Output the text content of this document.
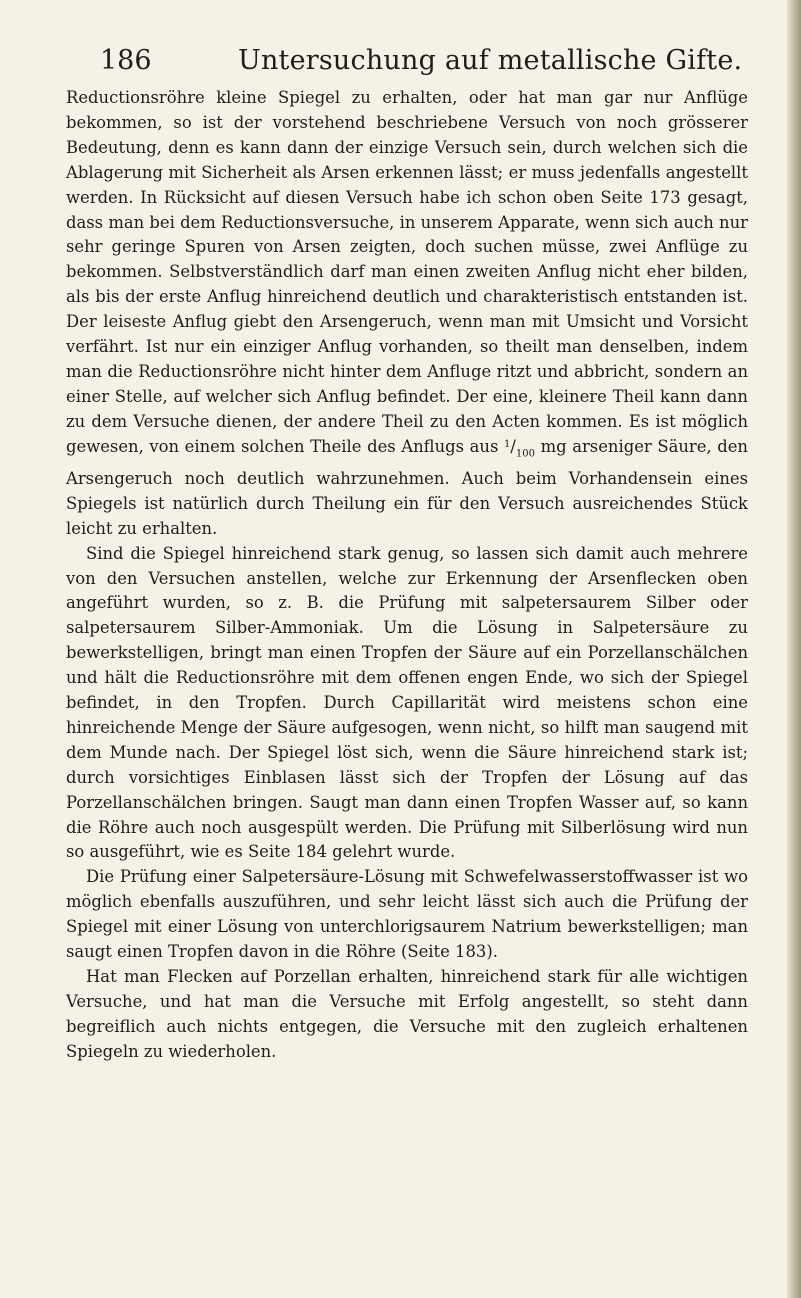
186	Untersuchung auf metallische Gifte.

Reductionsröhre kleine Spiegel zu erhalten, oder hat man gar nur Anflüge bekommen, so ist der vorstehend beschriebene Versuch von noch grösserer Bedeutung, denn es kann dann der einzige Versuch sein, durch welchen sich die Ablagerung mit Sicherheit als Arsen erkennen lässt; er muss jedenfalls angestellt werden. In Rücksicht auf diesen Versuch habe ich schon oben Seite 173 gesagt, dass man bei dem Reductionsversuche, in unserem Apparate, wenn sich auch nur sehr geringe Spuren von Arsen zeigten, doch suchen müsse, zwei Anflüge zu bekommen. Selbstverständlich darf man einen zweiten Anflug nicht eher bilden, als bis der erste Anflug hinreichend deutlich und charakteristisch entstanden ist. Der leiseste Anflug giebt den Arsengeruch, wenn man mit Umsicht und Vorsicht verfährt. Ist nur ein einziger Anflug vorhanden, so theilt man denselben, indem man die Reductionsröhre nicht hinter dem Anfluge ritzt und abbricht, sondern an einer Stelle, auf welcher sich Anflug befindet. Der eine, kleinere Theil kann dann zu dem Versuche dienen, der andere Theil zu den Acten kommen. Es ist möglich gewesen, von einem solchen Theile des Anflugs aus $^1/_{100}$ mg arseniger Säure, den Arsengeruch noch deutlich wahrzunehmen. Auch beim Vorhandensein eines Spiegels ist natürlich durch Theilung ein für den Versuch ausreichendes Stück leicht zu erhalten.

Sind die Spiegel hinreichend stark genug, so lassen sich damit auch mehrere von den Versuchen anstellen, welche zur Erkennung der Arsenflecken oben angeführt wurden, so z. B. die Prüfung mit salpetersaurem Silber oder salpetersaurem Silber-Ammoniak. Um die Lösung in Salpetersäure zu bewerkstelligen, bringt man einen Tropfen der Säure auf ein Porzellanschälchen und hält die Reductionsröhre mit dem offenen engen Ende, wo sich der Spiegel befindet, in den Tropfen. Durch Capillarität wird meistens schon eine hinreichende Menge der Säure aufgesogen, wenn nicht, so hilft man saugend mit dem Munde nach. Der Spiegel löst sich, wenn die Säure hinreichend stark ist; durch vorsichtiges Einblasen lässt sich der Tropfen der Lösung auf das Porzellanschälchen bringen. Saugt man dann einen Tropfen Wasser auf, so kann die Röhre auch noch ausgespült werden. Die Prüfung mit Silberlösung wird nun so ausgeführt, wie es Seite 184 gelehrt wurde.

Die Prüfung einer Salpetersäure-Lösung mit Schwefelwasserstoffwasser ist wo möglich ebenfalls auszuführen, und sehr leicht lässt sich auch die Prüfung der Spiegel mit einer Lösung von unterchlorigsaurem Natrium bewerkstelligen; man saugt einen Tropfen davon in die Röhre (Seite 183).

Hat man Flecken auf Porzellan erhalten, hinreichend stark für alle wichtigen Versuche, und hat man die Versuche mit Erfolg angestellt, so steht dann begreiflich auch nichts entgegen, die Versuche mit den zugleich erhaltenen Spiegeln zu wiederholen.
